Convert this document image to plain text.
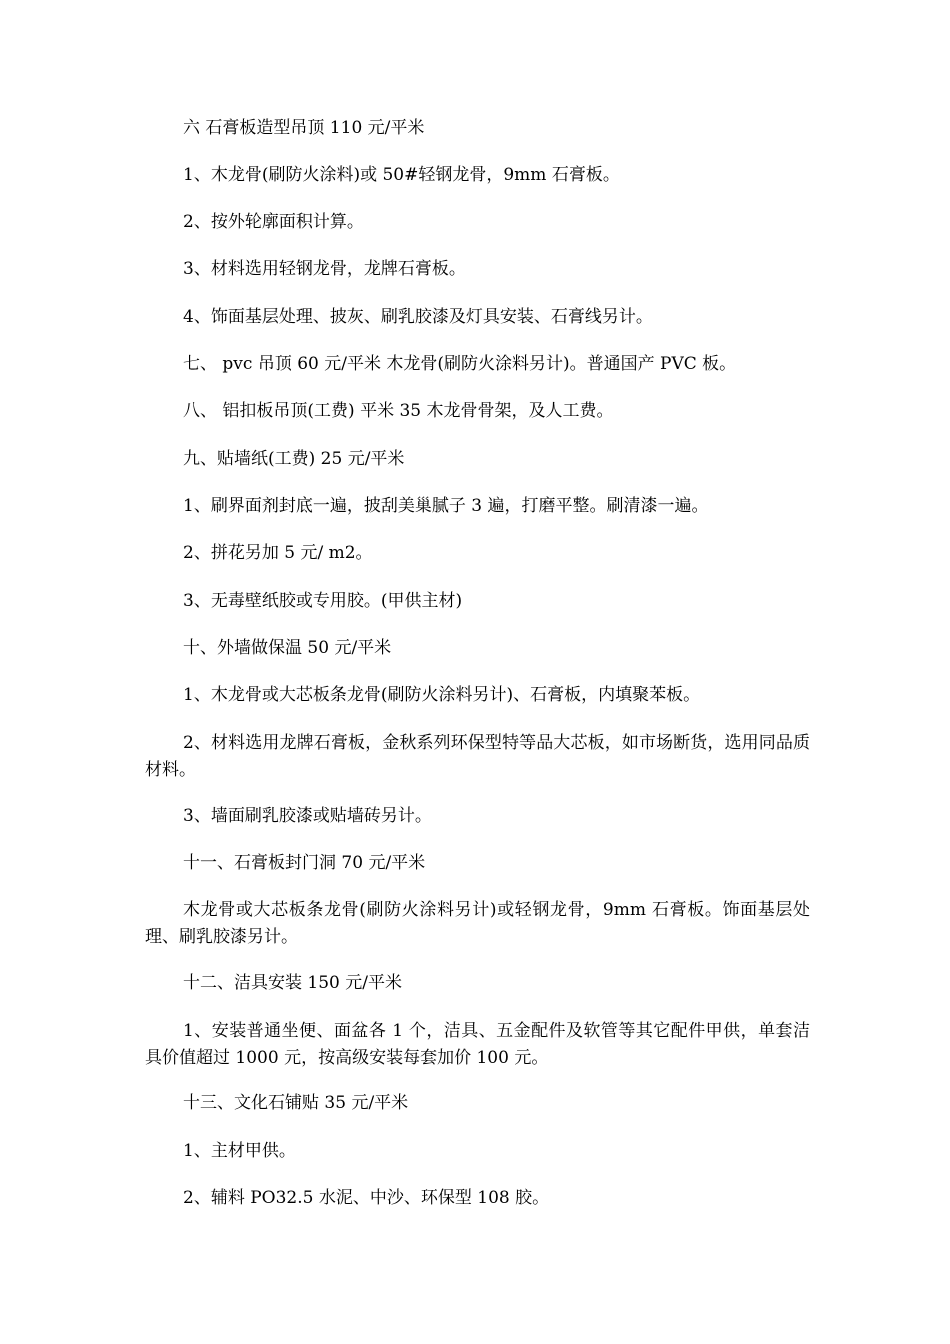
六 石膏板造型吊顶 110 元/平米

1、木龙骨(刷防火涂料)或 50#轻钢龙骨，9mm 石膏板。

2、按外轮廓面积计算。

3、材料选用轻钢龙骨，龙牌石膏板。

4、饰面基层处理、披灰、刷乳胶漆及灯具安装、石膏线另计。

七、 pvc 吊顶 60 元/平米 木龙骨(刷防火涂料另计)。普通国产 PVC 板。

八、 铝扣板吊顶(工费) 平米 35 木龙骨骨架，及人工费。

九、贴墙纸(工费) 25 元/平米

1、刷界面剂封底一遍，披刮美巢腻子 3 遍，打磨平整。刷清漆一遍。

2、拼花另加 5 元/ m2。

3、无毒壁纸胶或专用胶。(甲供主材)

十、外墙做保温 50 元/平米

1、木龙骨或大芯板条龙骨(刷防火涂料另计)、石膏板，内填聚苯板。

2、材料选用龙牌石膏板，金秋系列环保型特等品大芯板，如市场断货，选用同品质材料。

3、墙面刷乳胶漆或贴墙砖另计。

十一、石膏板封门洞 70 元/平米

木龙骨或大芯板条龙骨(刷防火涂料另计)或轻钢龙骨，9mm 石膏板。饰面基层处理、刷乳胶漆另计。

十二、洁具安装 150 元/平米

1、安装普通坐便、面盆各 1 个，洁具、五金配件及软管等其它配件甲供，单套洁具价值超过 1000 元，按高级安装每套加价 100 元。

十三、文化石铺贴 35 元/平米

1、主材甲供。

2、辅料 PO32.5 水泥、中沙、环保型 108 胶。
